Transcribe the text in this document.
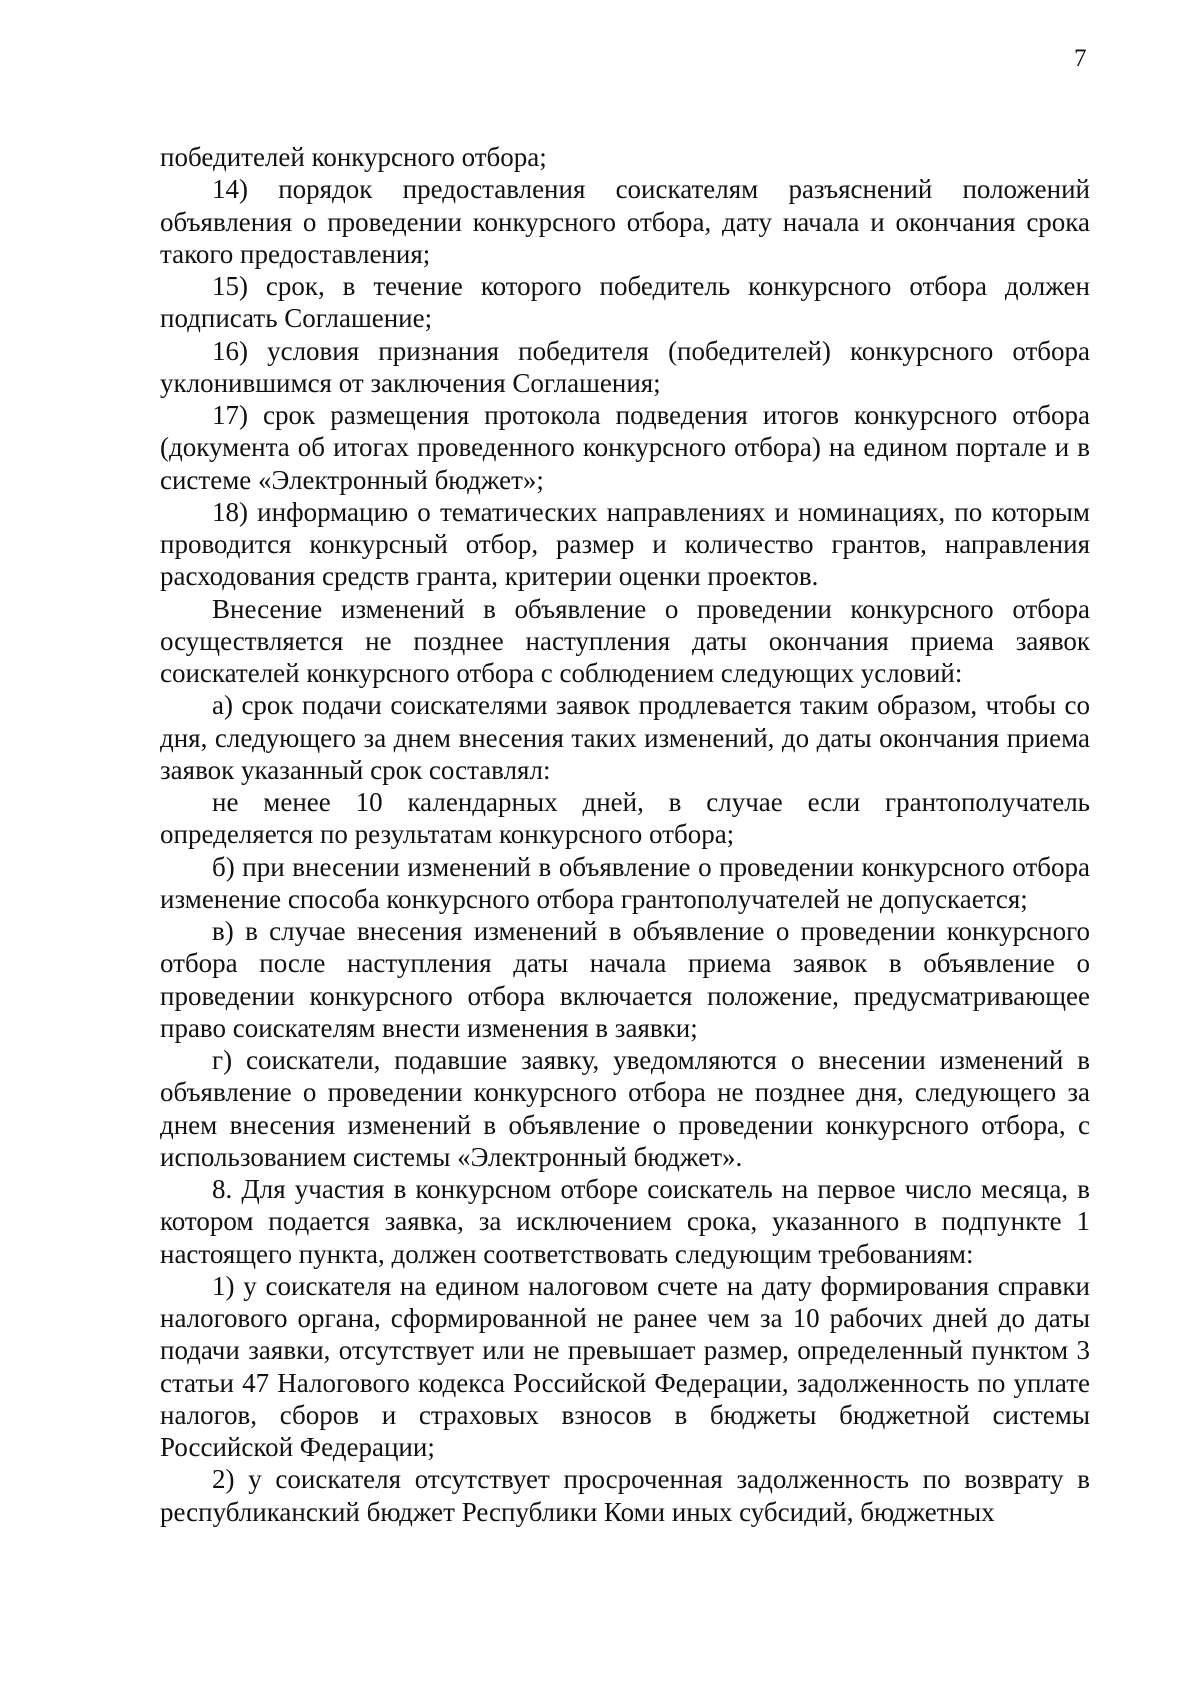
7

победителей конкурсного отбора;

14) порядок предоставления соискателям разъяснений положений объявления о проведении конкурсного отбора, дату начала и окончания срока такого предоставления;

15) срок, в течение которого победитель конкурсного отбора должен подписать Соглашение;

16) условия признания победителя (победителей) конкурсного отбора уклонившимся от заключения Соглашения;

17) срок размещения протокола подведения итогов конкурсного отбора (документа об итогах проведенного конкурсного отбора) на едином портале и в системе «Электронный бюджет»;

18) информацию о тематических направлениях и номинациях, по которым проводится конкурсный отбор, размер и количество грантов, направления расходования средств гранта, критерии оценки проектов.

Внесение изменений в объявление о проведении конкурсного отбора осуществляется не позднее наступления даты окончания приема заявок соискателей конкурсного отбора с соблюдением следующих условий:

а) срок подачи соискателями заявок продлевается таким образом, чтобы со дня, следующего за днем внесения таких изменений, до даты окончания приема заявок указанный срок составлял:

не менее 10 календарных дней, в случае если грантополучатель определяется по результатам конкурсного отбора;

б) при внесении изменений в объявление о проведении конкурсного отбора изменение способа конкурсного отбора грантополучателей не допускается;

в) в случае внесения изменений в объявление о проведении конкурсного отбора после наступления даты начала приема заявок в объявление о проведении конкурсного отбора включается положение, предусматривающее право соискателям внести изменения в заявки;

г) соискатели, подавшие заявку, уведомляются о внесении изменений в объявление о проведении конкурсного отбора не позднее дня, следующего за днем внесения изменений в объявление о проведении конкурсного отбора, с использованием системы «Электронный бюджет».

8. Для участия в конкурсном отборе соискатель на первое число месяца, в котором подается заявка, за исключением срока, указанного в подпункте 1 настоящего пункта, должен соответствовать следующим требованиям:

1) у соискателя на едином налоговом счете на дату формирования справки налогового органа, сформированной не ранее чем за 10 рабочих дней до даты подачи заявки, отсутствует или не превышает размер, определенный пунктом 3 статьи 47 Налогового кодекса Российской Федерации, задолженность по уплате налогов, сборов и страховых взносов в бюджеты бюджетной системы Российской Федерации;

2) у соискателя отсутствует просроченная задолженность по возврату в республиканский бюджет Республики Коми иных субсидий, бюджетных
